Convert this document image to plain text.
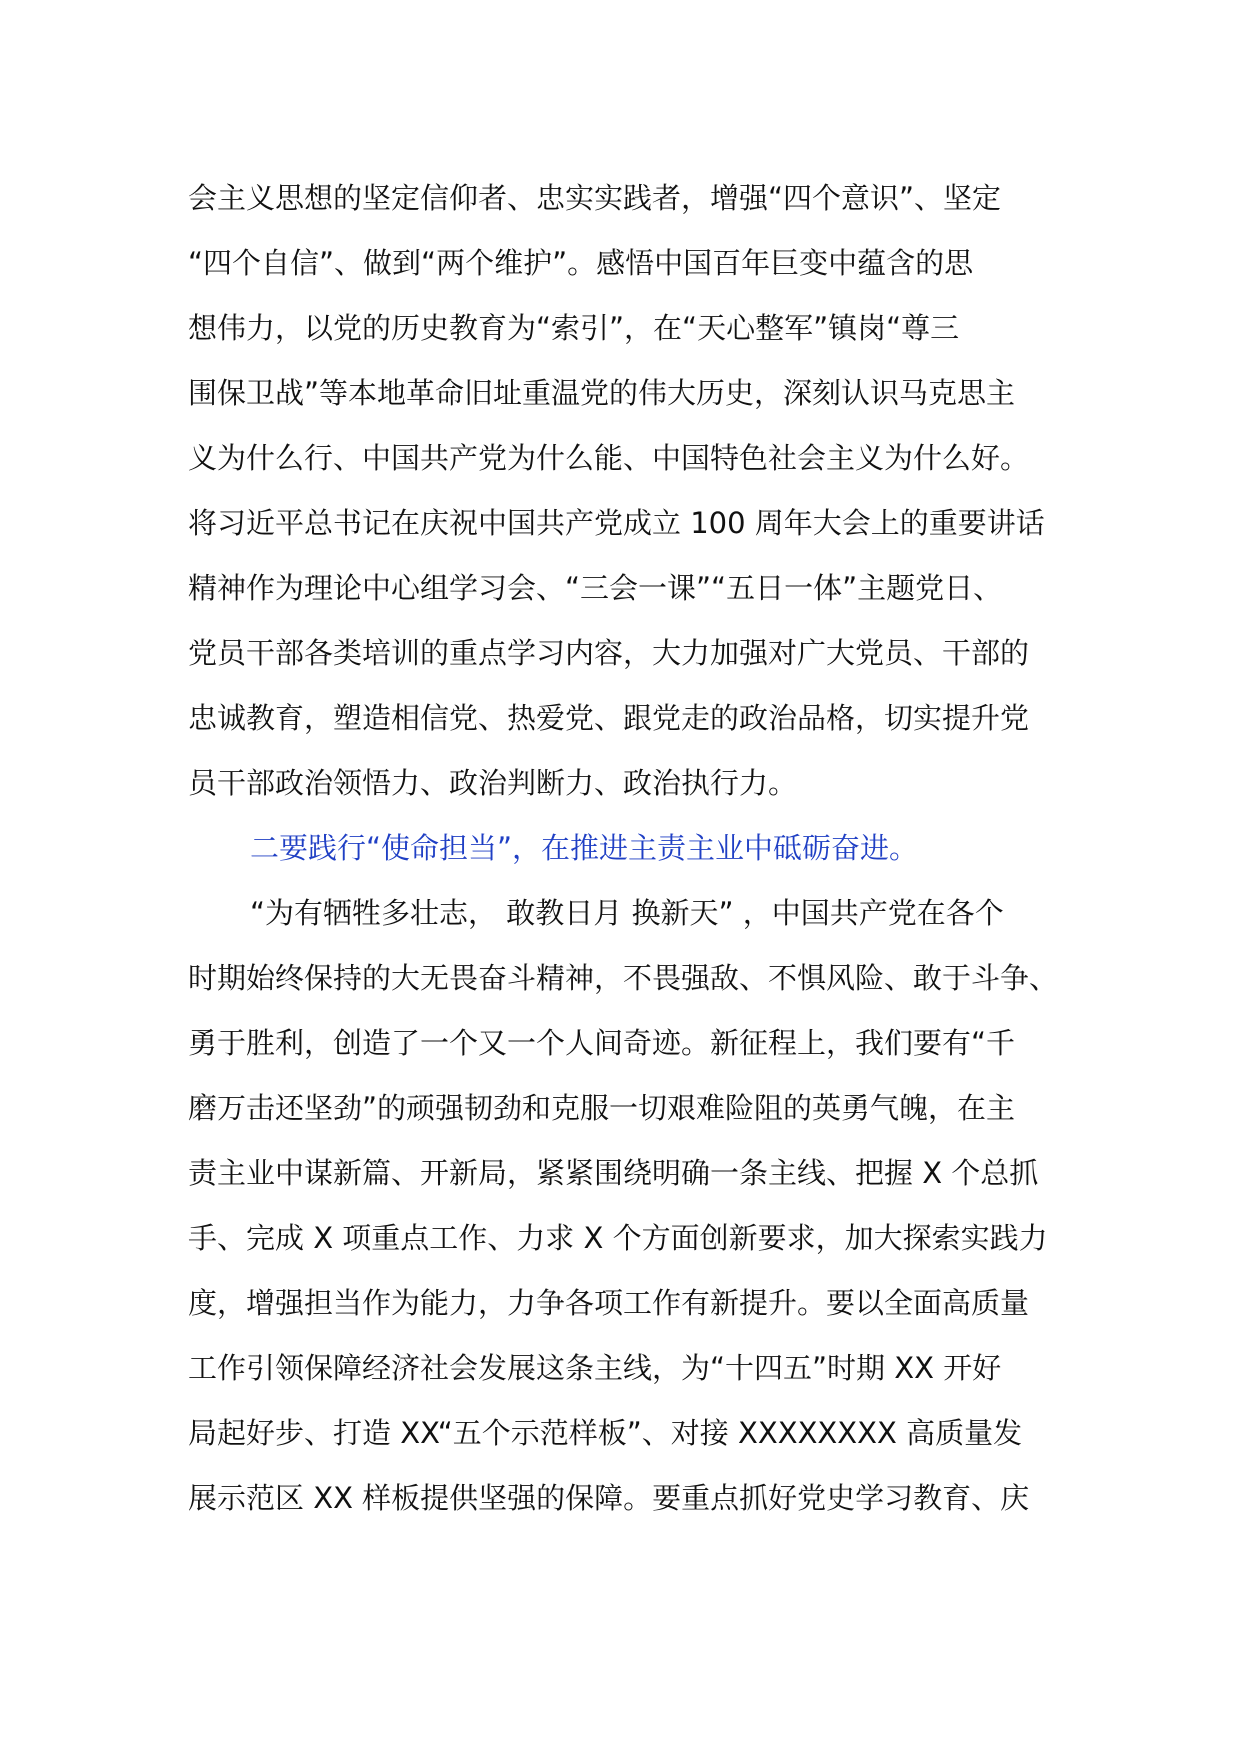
会主义思想的坚定信仰者、忠实实践者，增强“四个意识”、坚定
“四个自信”、做到“两个维护”。感悟中国百年巨变中蕴含的思
想伟力，以党的历史教育为“索引”，在“天心整军”镇岗“尊三
围保卫战”等本地革命旧址重温党的伟大历史，深刻认识马克思主
义为什么行、中国共产党为什么能、中国特色社会主义为什么好。
将习近平总书记在庆祝中国共产党成立 100 周年大会上的重要讲话
精神作为理论中心组学习会、“三会一课”“五日一体”主题党日、
党员干部各类培训的重点学习内容，大力加强对广大党员、干部的
忠诚教育，塑造相信党、热爱党、跟党走的政治品格，切实提升党
员干部政治领悟力、政治判断力、政治执行力。
二要践行“使命担当”，在推进主责主业中砥砺奋进。
“为有牺牲多壮志， 敢教日月 换新天” ，中国共产党在各个
时期始终保持的大无畏奋斗精神，不畏强敌、不惧风险、敢于斗争、
勇于胜利，创造了一个又一个人间奇迹。新征程上，我们要有“千
磨万击还坚劲”的顽强韧劲和克服一切艰难险阻的英勇气魄，在主
责主业中谋新篇、开新局，紧紧围绕明确一条主线、把握 X 个总抓
手、完成 X 项重点工作、力求 X 个方面创新要求，加大探索实践力
度，增强担当作为能力，力争各项工作有新提升。要以全面高质量
工作引领保障经济社会发展这条主线，为“十四五”时期 XX 开好
局起好步、打造 XX“五个示范样板”、对接 XXXXXXXX 高质量发
展示范区 XX 样板提供坚强的保障。要重点抓好党史学习教育、庆
